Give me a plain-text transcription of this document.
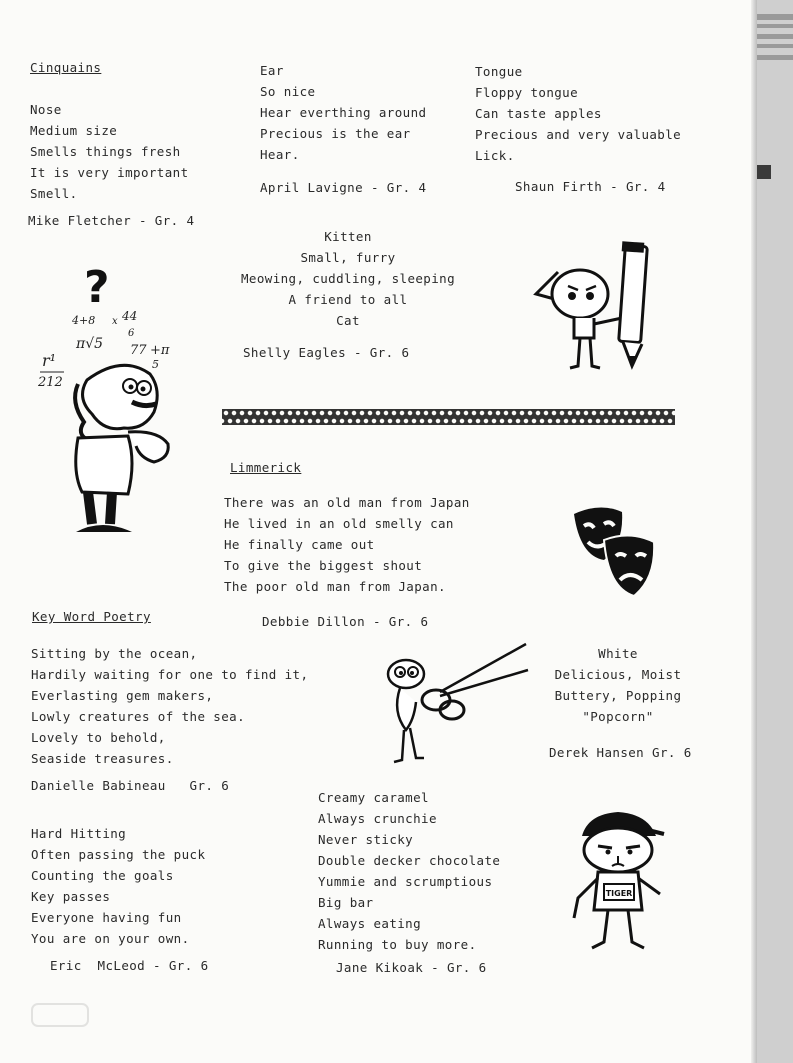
Cinquains
Nose
Medium size
Smells things fresh
It is very important
Smell.
Mike Fletcher - Gr. 4
Ear
So nice
Hear everthing around
Precious is the ear
Hear.
April Lavigne - Gr. 4
Tongue
Floppy tongue
Can taste apples
Precious and very valuable
Lick.
Shaun Firth - Gr. 4
Kitten
Small, furry
Meowing, cuddling, sleeping
A friend to all
Cat
Shelly Eagles - Gr. 6
?
4+8 x 44
6
π√5 77 +π
5
r¹
212
Limmerick
There was an old man from Japan
He lived in an old smelly can
He finally came out
To give the biggest shout
The poor old man from Japan.
Debbie Dillon - Gr. 6
Key Word Poetry
Sitting by the ocean,
Hardily waiting for one to find it,
Everlasting gem makers,
Lowly creatures of the sea.
Lovely to behold,
Seaside treasures.
Danielle Babineau   Gr. 6
White
Delicious, Moist
Buttery, Popping
"Popcorn"
Derek Hansen Gr. 6
Creamy caramel
Always crunchie
Never sticky
Double decker chocolate
Yummie and scrumptious
Big bar
Always eating
Running to buy more.
Jane Kikoak - Gr. 6
Hard Hitting
Often passing the puck
Counting the goals
Key passes
Everyone having fun
You are on your own.
Eric  McLeod - Gr. 6
TIGER
